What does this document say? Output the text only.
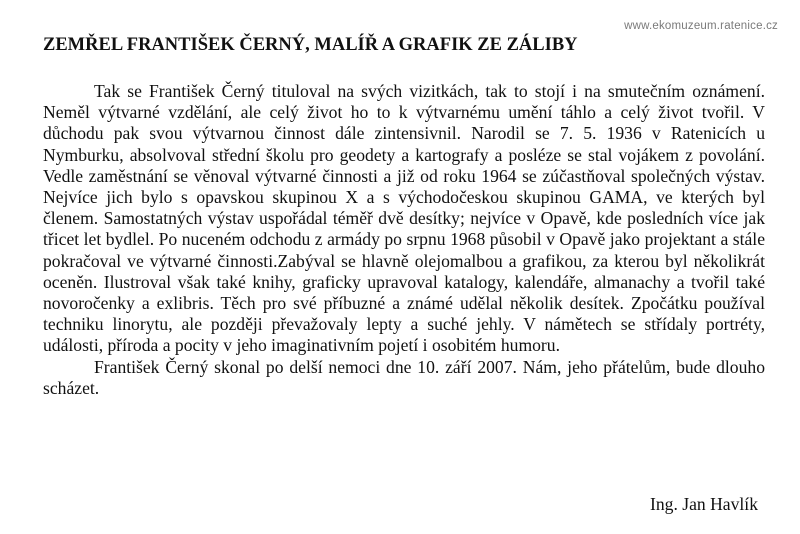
www.ekomuzeum.ratenice.cz
ZEMŘEL FRANTIŠEK ČERNÝ, MALÍŘ A GRAFIK ZE ZÁLIBY

Tak se František Černý tituloval na svých vizitkách, tak to stojí i na smutečním oznámení. Neměl výtvarné vzdělání, ale celý život ho to k výtvarnému umění táhlo a celý život tvořil. V důchodu pak svou výtvarnou činnost dále zintensivnil. Narodil se 7. 5. 1936 v Ratenicích u Nymburku, absolvoval střední školu pro geodety a kartografy a posléze se stal vojákem z povolání. Vedle zaměstnání se věnoval výtvarné činnosti a již od roku 1964 se zúčastňoval společných výstav. Nejvíce jich bylo s opavskou skupinou X a s východočeskou skupinou GAMA, ve kterých byl členem. Samostatných výstav uspořádal téměř dvě desítky; nejvíce v Opavě, kde posledních více jak třicet let bydlel. Po nuceném odchodu z armády po srpnu 1968 působil v Opavě jako projektant a stále pokračoval ve výtvarné činnosti.Zabýval se hlavně olejomalbou a grafikou, za kterou byl několikrát oceněn. Ilustroval však také knihy, graficky upravoval katalogy, kalendáře, almanachy a tvořil také novoročenky a exlibris. Těch pro své příbuzné a známé udělal několik desítek. Zpočátku používal techniku linorytu, ale později převažovaly lepty a suché jehly. V námětech se střídaly portréty, události, příroda a pocity v jeho imaginativním pojetí i osobitém humoru.

František Černý skonal po delší nemoci dne 10. září 2007. Nám, jeho přátelům, bude dlouho scházet.

Ing. Jan Havlík
